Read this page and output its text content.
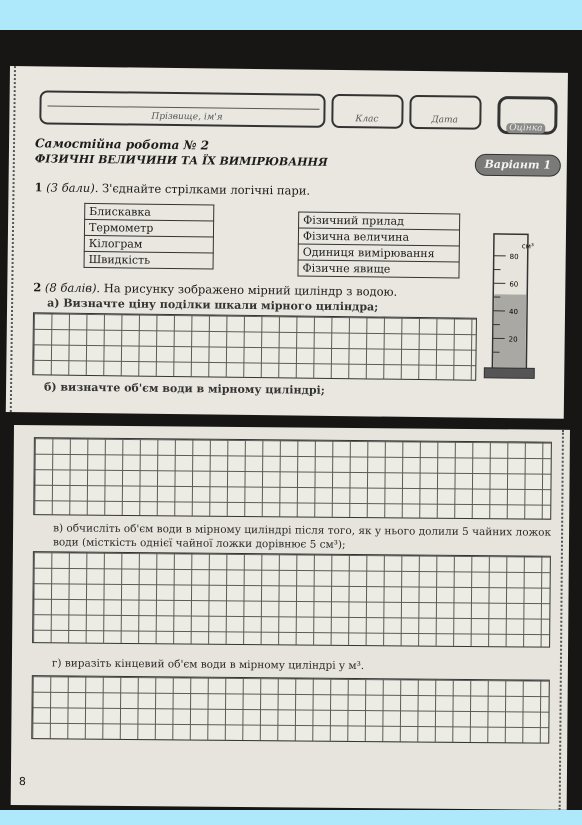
Прізвище, ім'я	Клас	Дата
Оцінка
Самостійна робота № 2
ФІЗИЧНІ ВЕЛИЧИНИ ТА ЇХ ВИМІРЮВАННЯ	Варіант 1
1 (3 бали). З'єднайте стрілками логічні пари.
Блискавка
Термометр
Кілограм
Швидкість
Фізичний прилад
Фізична величина
Одиниця вимірювання
Фізичне явище
2 (8 балів). На рисунку зображено мірний циліндр з водою.
а) Визначте ціну поділки шкали мірного циліндра;
б) визначте об'єм води в мірному циліндрі;
80
60
40
20
см³
в) обчисліть об'єм води в мірному циліндрі після того, як у нього долили 5 чайних ложок води (місткість однієї чайної ложки дорівнює 5 см³);
г) виразіть кінцевий об'єм води в мірному циліндрі у м³.
8
